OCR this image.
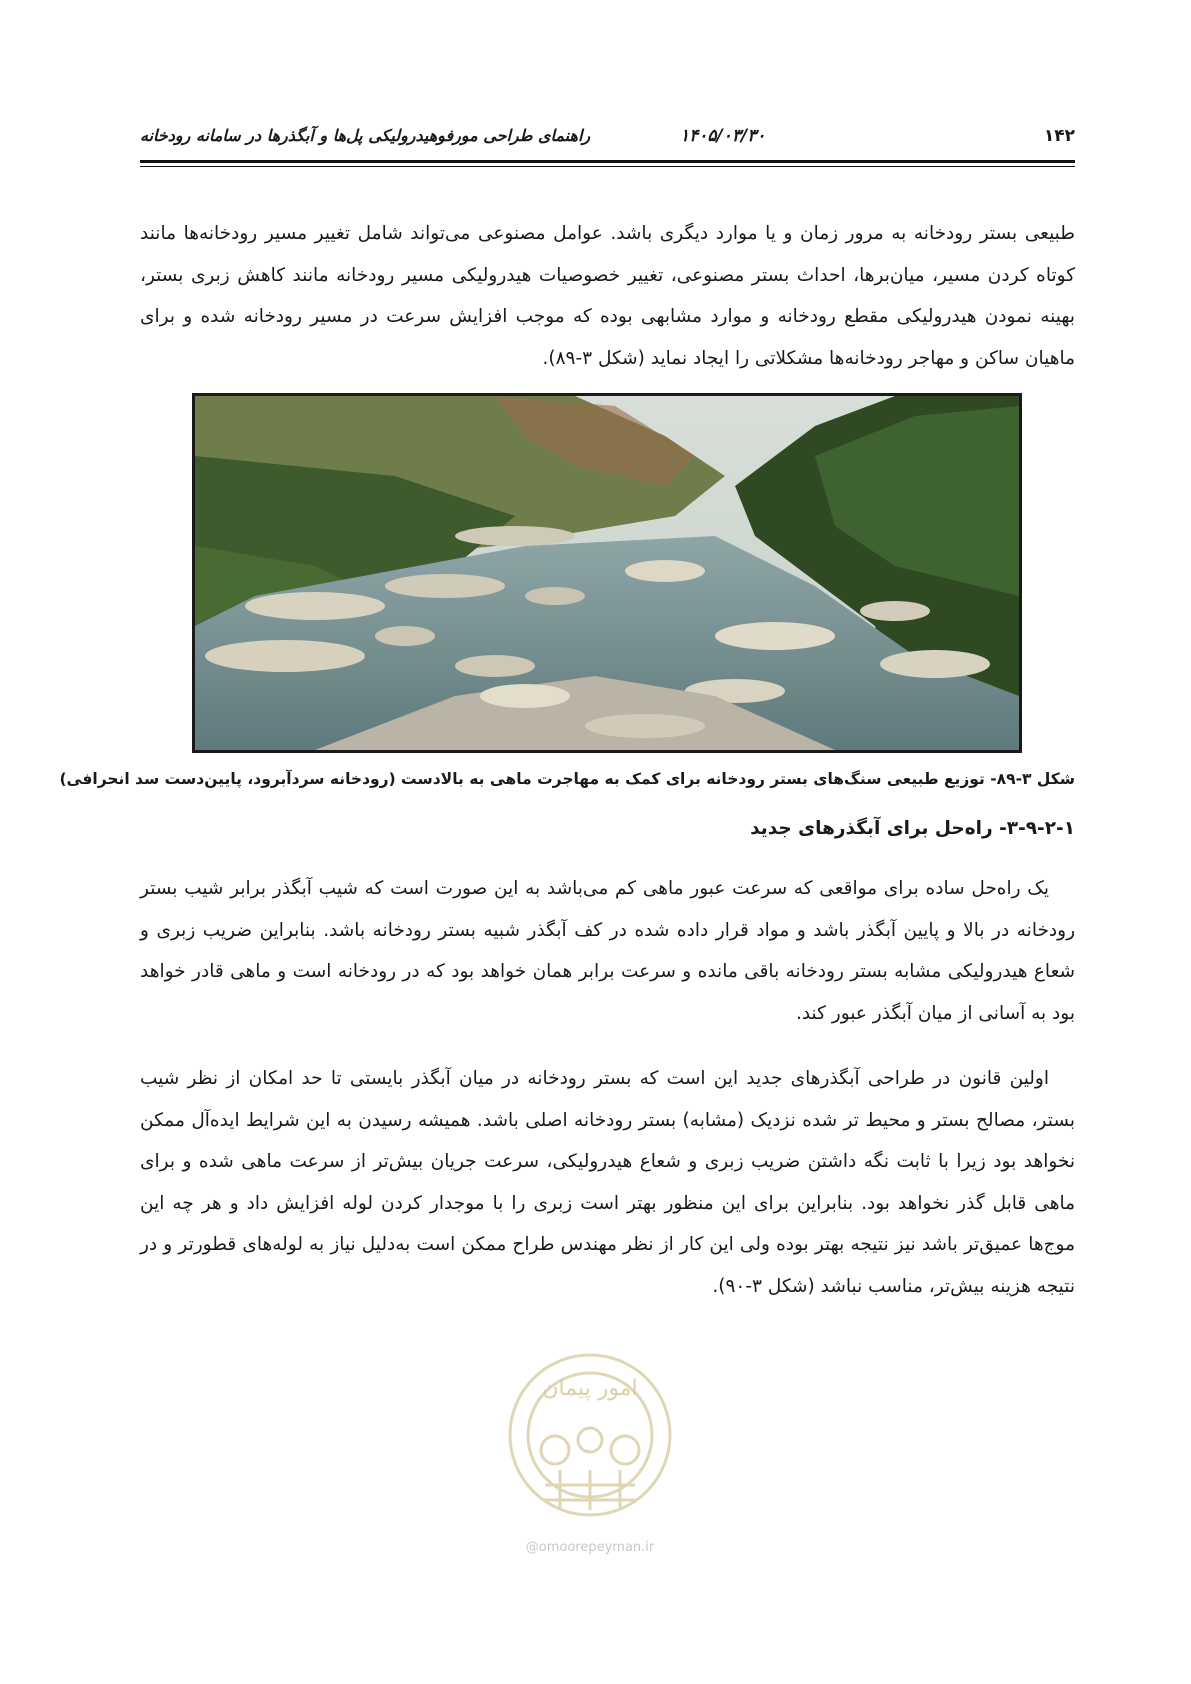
۱۴۲
۱۴۰۵/۰۳/۳۰
راهنمای طراحی مورفوهیدرولیکی پل‌ها و آبگذرها در سامانه رودخانه

طبیعی بستر رودخانه به مرور زمان و یا موارد دیگری باشد. عوامل مصنوعی می‌تواند شامل تغییر مسیر رودخانه‌ها مانند کوتاه کردن مسیر، میان‌برها، احداث بستر مصنوعی، تغییر خصوصیات هیدرولیکی مسیر رودخانه مانند کاهش زبری بستر، بهینه نمودن هیدرولیکی مقطع رودخانه و موارد مشابهی بوده که موجب افزایش سرعت در مسیر رودخانه شده و برای ماهیان ساکن و مهاجر رودخانه‌ها مشکلاتی را ایجاد نماید (شکل ۳-۸۹).

شکل ۳-۸۹- توزیع طبیعی سنگ‌های بستر رودخانه برای کمک به مهاجرت ماهی به بالادست (رودخانه سردآبرود، پایین‌دست سد انحرافی)
۳-۹-۲-۱- راه‌حل برای آبگذرهای جدید

یک راه‌حل ساده برای مواقعی که سرعت عبور ماهی کم می‌باشد به این صورت است که شیب آبگذر برابر شیب بستر رودخانه در بالا و پایین آبگذر باشد و مواد قرار داده شده در کف آبگذر شبیه بستر رودخانه باشد. بنابراین ضریب زبری و شعاع هیدرولیکی مشابه بستر رودخانه باقی مانده و سرعت برابر همان خواهد بود که در رودخانه است و ماهی قادر خواهد بود به آسانی از میان آبگذر عبور کند.

اولین قانون در طراحی آبگذرهای جدید این است که بستر رودخانه در میان آبگذر بایستی تا حد امکان از نظر شیب بستر، مصالح بستر و محیط تر شده نزدیک (مشابه) بستر رودخانه اصلی باشد. همیشه رسیدن به این شرایط ایده‌آل ممکن نخواهد بود زیرا با ثابت نگه داشتن ضریب زبری و شعاع هیدرولیکی، سرعت جریان بیش‌تر از سرعت ماهی شده و برای ماهی قابل گذر نخواهد بود. بنابراین برای این منظور بهتر است زبری را با موجدار کردن لوله افزایش داد و هر چه این موج‌ها عمیق‌تر باشد نیز نتیجه بهتر بوده ولی این کار از نظر مهندس طراح ممکن است به‌دلیل نیاز به لوله‌های قطورتر و در نتیجه هزینه بیش‌تر، مناسب نباشد (شکل ۳-۹۰).

امور پیمان
@omoorepeyman.ir
